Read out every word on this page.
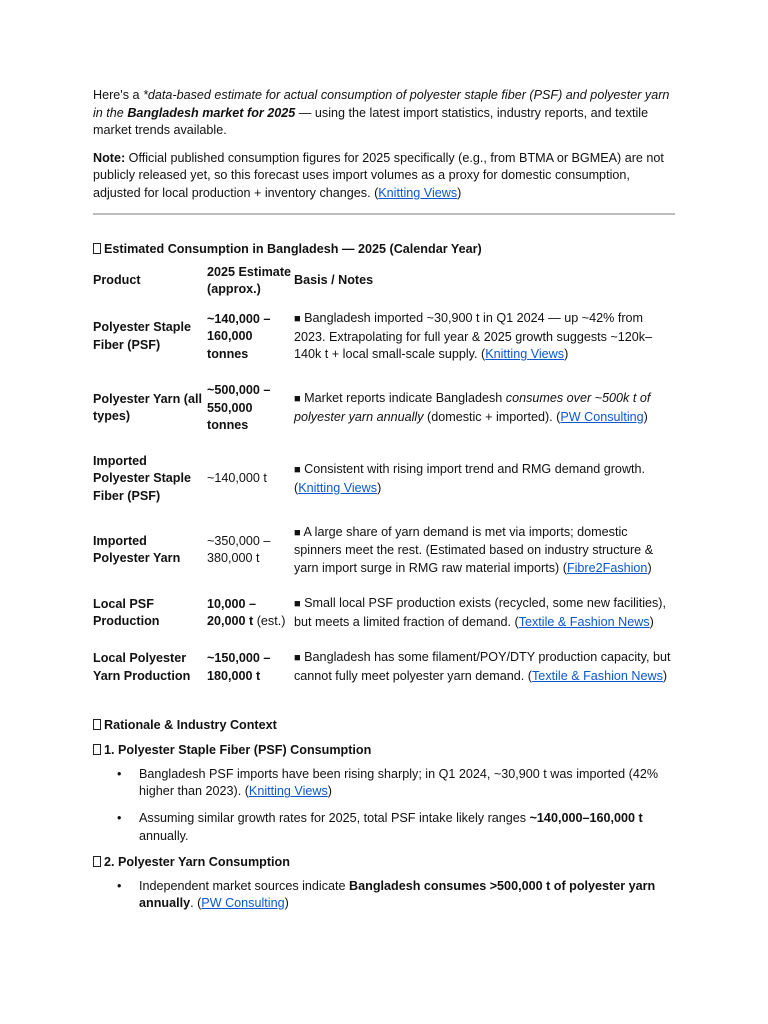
Here's a *data-based estimate for actual consumption of polyester staple fiber (PSF) and polyester yarn in the Bangladesh market for 2025 — using the latest import statistics, industry reports, and textile market trends available.

Note: Official published consumption figures for 2025 specifically (e.g., from BTMA or BGMEA) are not publicly released yet, so this forecast uses import volumes as a proxy for domestic consumption, adjusted for local production + inventory changes. (Knitting Views)

Estimated Consumption in Bangladesh — 2025 (Calendar Year)

Product	2025 Estimate (approx.)	Basis / Notes
Polyester Staple Fiber (PSF)	~140,000 – 160,000 tonnes	■ Bangladesh imported ~30,900 t in Q1 2024 — up ~42% from 2023. Extrapolating for full year & 2025 growth suggests ~120k–140k t + local small-scale supply. (Knitting Views)
Polyester Yarn (all types)	~500,000 – 550,000 tonnes	■ Market reports indicate Bangladesh consumes over ~500k t of polyester yarn annually (domestic + imported). (PW Consulting)
Imported Polyester Staple Fiber (PSF)	~140,000 t	■ Consistent with rising import trend and RMG demand growth. (Knitting Views)
Imported Polyester Yarn	~350,000 – 380,000 t	■ A large share of yarn demand is met via imports; domestic spinners meet the rest. (Estimated based on industry structure & yarn import surge in RMG raw material imports) (Fibre2Fashion)
Local PSF Production	10,000 – 20,000 t (est.)	■ Small local PSF production exists (recycled, some new facilities), but meets a limited fraction of demand. (Textile & Fashion News)
Local Polyester Yarn Production	~150,000 – 180,000 t	■ Bangladesh has some filament/POY/DTY production capacity, but cannot fully meet polyester yarn demand. (Textile & Fashion News)

Rationale & Industry Context

1. Polyester Staple Fiber (PSF) Consumption

• Bangladesh PSF imports have been rising sharply; in Q1 2024, ~30,900 t was imported (42% higher than 2023). (Knitting Views)
• Assuming similar growth rates for 2025, total PSF intake likely ranges ~140,000–160,000 t annually.

2. Polyester Yarn Consumption

• Independent market sources indicate Bangladesh consumes >500,000 t of polyester yarn annually. (PW Consulting)
